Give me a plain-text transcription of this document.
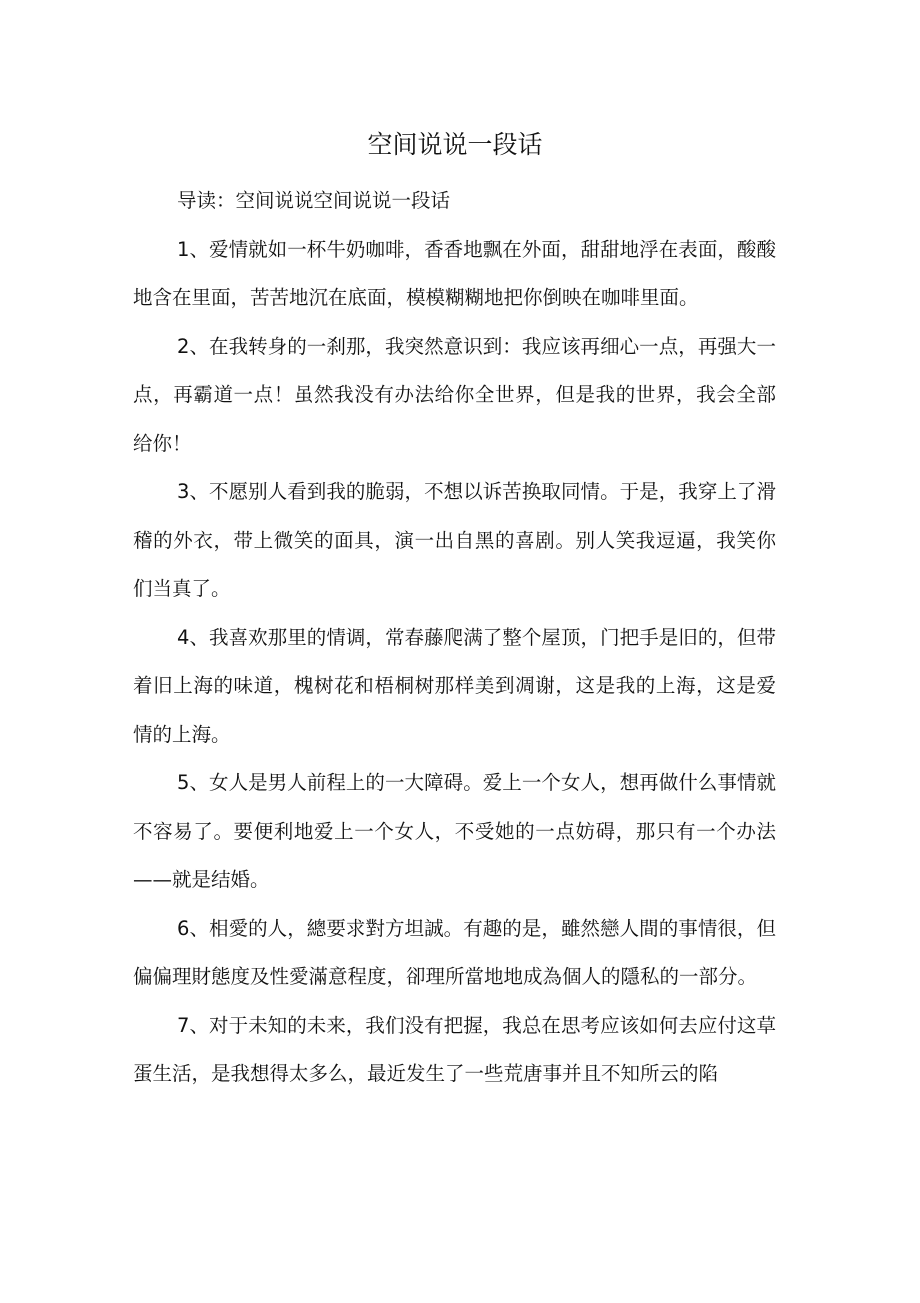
空间说说一段话

导读：空间说说空间说说一段话

1、爱情就如一杯牛奶咖啡，香香地飘在外面，甜甜地浮在表面，酸酸地含在里面，苦苦地沉在底面，模模糊糊地把你倒映在咖啡里面。

2、在我转身的一刹那，我突然意识到：我应该再细心一点，再强大一点，再霸道一点！虽然我没有办法给你全世界，但是我的世界，我会全部给你！

3、不愿别人看到我的脆弱，不想以诉苦换取同情。于是，我穿上了滑稽的外衣，带上微笑的面具，演一出自黑的喜剧。别人笑我逗逼，我笑你们当真了。

4、我喜欢那里的情调，常春藤爬满了整个屋顶，门把手是旧的，但带着旧上海的味道，槐树花和梧桐树那样美到凋谢，这是我的上海，这是爱情的上海。

5、女人是男人前程上的一大障碍。爱上一个女人，想再做什么事情就不容易了。要便利地爱上一个女人，不受她的一点妨碍，那只有一个办法——就是结婚。

6、相愛的人，總要求對方坦誠。有趣的是，雖然戀人間的事情很，但偏偏理財態度及性愛滿意程度，卻理所當地地成為個人的隱私的一部分。

7、对于未知的未来，我们没有把握，我总在思考应该如何去应付这草蛋生活，是我想得太多么，最近发生了一些荒唐事并且不知所云的陷
